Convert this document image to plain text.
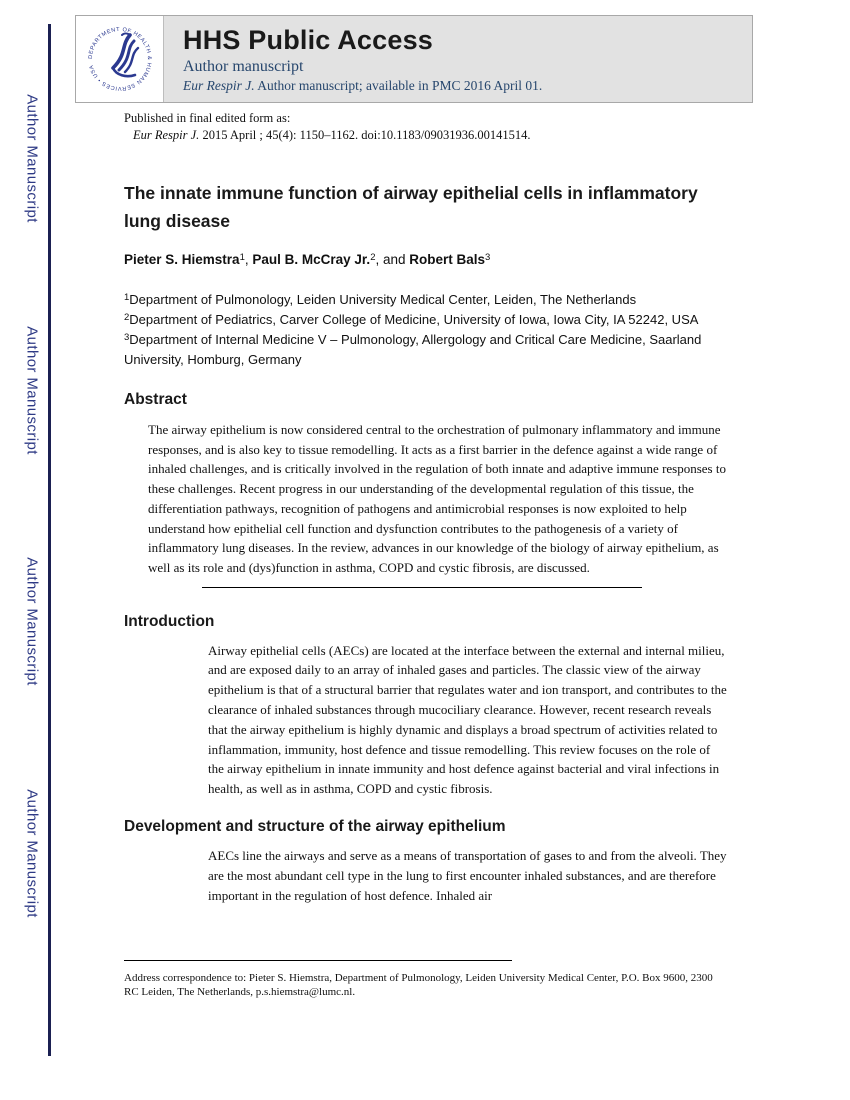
Author Manuscript
Author Manuscript
Author Manuscript
Author Manuscript
DEPARTMENT OF HEALTH & HUMAN SERVICES • USA
HHS Public Access
Author manuscript
Eur Respir J. Author manuscript; available in PMC 2016 April 01.
Published in final edited form as:
Eur Respir J. 2015 April ; 45(4): 1150–1162. doi:10.1183/09031936.00141514.
The innate immune function of airway epithelial cells in inflammatory lung disease

Pieter S. Hiemstra$^1$, Paul B. McCray Jr.$^2$, and Robert Bals$^3$

$^1$Department of Pulmonology, Leiden University Medical Center, Leiden, The Netherlands

$^2$Department of Pediatrics, Carver College of Medicine, University of Iowa, Iowa City, IA 52242, USA $^3$Department of Internal Medicine V – Pulmonology, Allergology and Critical Care Medicine, Saarland University, Homburg, Germany

Abstract

The airway epithelium is now considered central to the orchestration of pulmonary inflammatory and immune responses, and is also key to tissue remodelling. It acts as a first barrier in the defence against a wide range of inhaled challenges, and is critically involved in the regulation of both innate and adaptive immune responses to these challenges. Recent progress in our understanding of the developmental regulation of this tissue, the differentiation pathways, recognition of pathogens and antimicrobial responses is now exploited to help understand how epithelial cell function and dysfunction contributes to the pathogenesis of a variety of inflammatory lung diseases. In the review, advances in our knowledge of the biology of airway epithelium, as well as its role and (dys)function in asthma, COPD and cystic fibrosis, are discussed.

Introduction

Airway epithelial cells (AECs) are located at the interface between the external and internal milieu, and are exposed daily to an array of inhaled gases and particles. The classic view of the airway epithelium is that of a structural barrier that regulates water and ion transport, and contributes to the clearance of inhaled substances through mucociliary clearance. However, recent research reveals that the airway epithelium is highly dynamic and displays a broad spectrum of activities related to inflammation, immunity, host defence and tissue remodelling. This review focuses on the role of the airway epithelium in innate immunity and host defence against bacterial and viral infections in health, as well as in asthma, COPD and cystic fibrosis.

Development and structure of the airway epithelium

AECs line the airways and serve as a means of transportation of gases to and from the alveoli. They are the most abundant cell type in the lung to first encounter inhaled substances, and are therefore important in the regulation of host defence. Inhaled air

Address correspondence to: Pieter S. Hiemstra, Department of Pulmonology, Leiden University Medical Center, P.O. Box 9600, 2300 RC Leiden, The Netherlands, p.s.hiemstra@lumc.nl.
